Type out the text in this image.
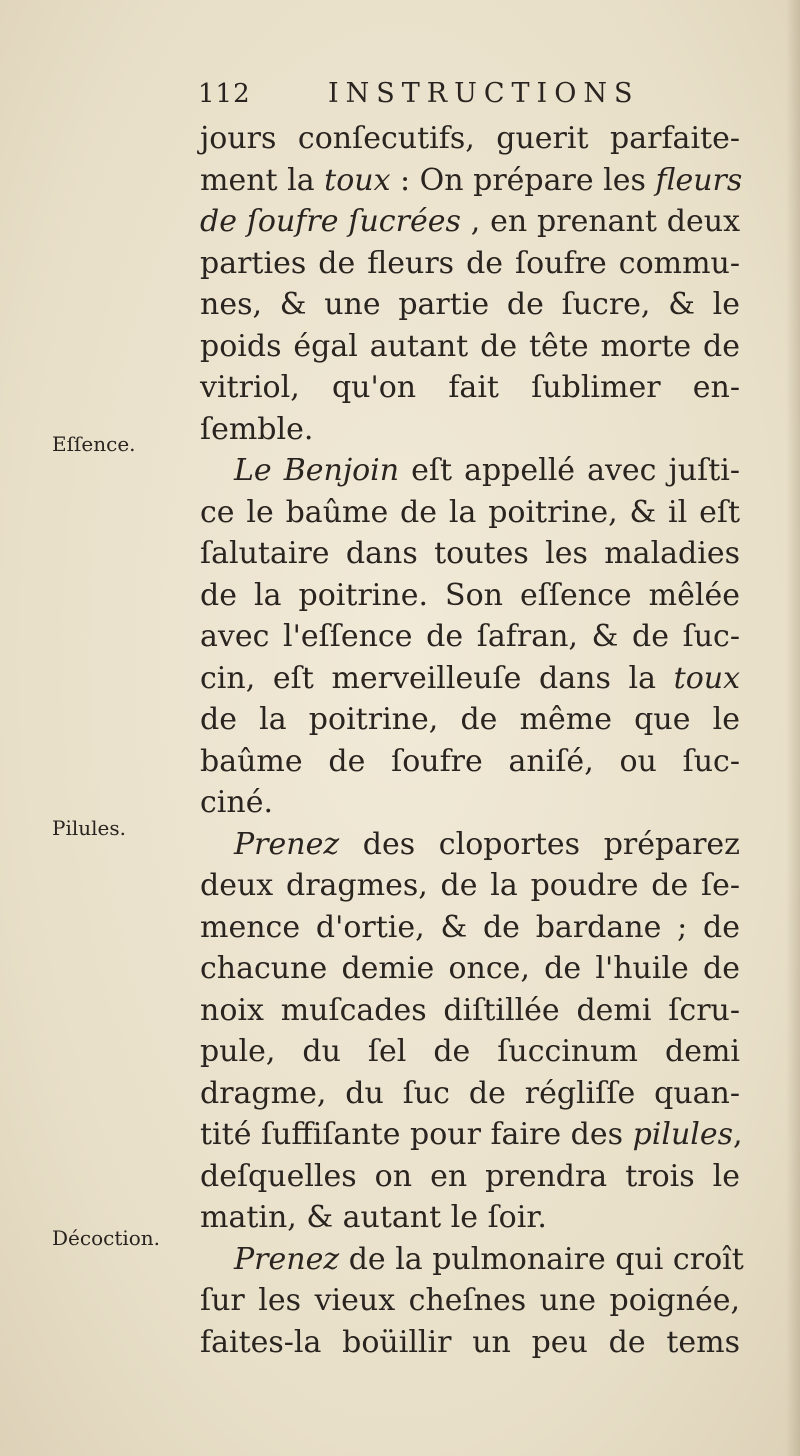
112	INSTRUCTIONS
Eſſence.
Pilules.
Décoction.
jours conſecutifs, guerit parfaite-
ment la toux : On prépare les fleurs
de ſoufre ſucrées , en prenant deux
parties de fleurs de ſoufre commu-
nes, & une partie de ſucre, & le
poids égal autant de tête morte de
vitriol, qu'on fait ſublimer en-
ſemble.
Le Benjoin eſt appellé avec juſti-
ce le baûme de la poitrine, & il eſt
ſalutaire dans toutes les maladies
de la poitrine. Son eſſence mêlée
avec l'eſſence de ſafran, & de ſuc-
cin, eſt merveilleuſe dans la toux
de la poitrine, de même que le
baûme de ſoufre aniſé, ou ſuc-
ciné.
Prenez des cloportes préparez
deux dragmes, de la poudre de ſe-
mence d'ortie, & de bardane ; de
chacune demie once, de l'huile de
noix muſcades diſtillée demi ſcru-
pule, du ſel de ſuccinum demi
dragme, du ſuc de régliſſe quan-
tité ſuffiſante pour faire des pilules,
deſquelles on en prendra trois le
matin, & autant le ſoir.
Prenez de la pulmonaire qui croît
ſur les vieux cheſnes une poignée,
faites-la boüillir un peu de tems
